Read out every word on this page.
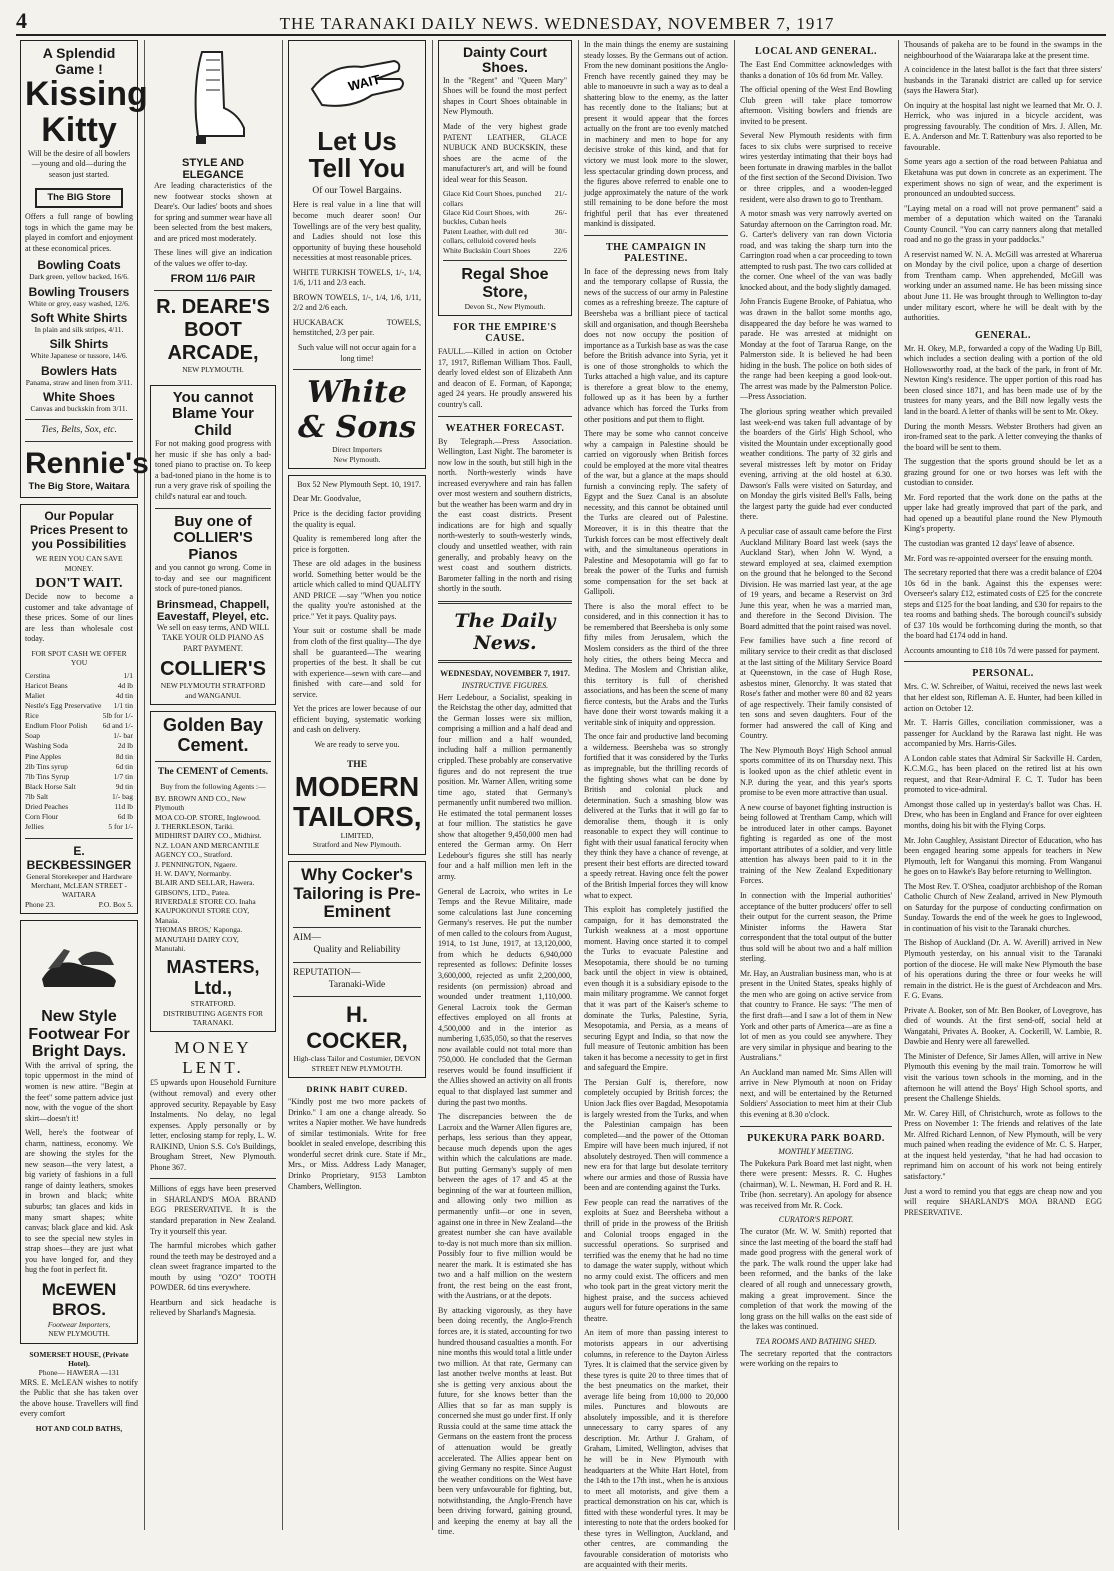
4	THE TARANAKI DAILY NEWS. WEDNESDAY, NOVEMBER 7, 1917
A Splendid Game !
Kissing
Kitty

Will be the desire of all bowlers —young and old—during the season just started.

The BIG Store

Offers a full range of bowling togs in which the game may be played in comfort and enjoyment at these economical prices.

Bowling Coats
Dark green, yellow backed, 16/6.
Bowling Trousers
White or grey, easy washed, 12/6.
Soft White Shirts
In plain and silk stripes, 4/11.
Silk Shirts
White Japanese or tussore, 14/6.
Bowlers Hats
Panama, straw and linen from 3/11.
White Shoes
Canvas and buckskin from 3/11.
Ties, Belts, Sox, etc.
Rennie's
The Big Store, Waitara
Our Popular Prices Present to you Possibilities
WE REIN YOU CAN SAVE MONEY.
DON'T WAIT.

Decide now to become a customer and take advantage of these prices. Some of our lines are less than wholesale cost today.

FOR SPOT CASH WE OFFER YOU
Cerstina	1/1
Haricot Beans	4d lb
Maliet	4d tin
Nestle's Egg Preservative 1/1 tin
Rice	5lb for 1/-
Endlum Floor Polish 6d and 1/-
Soap	1/- bar
Washing Soda	2d lb
Pine Apples	8d tin
2lb Tins syrup	6d tin
7lb Tins Syrup	1/7 tin
Black Horse Salt	9d tin
7lb Salt	1/- bag
Dried Peaches	11d lb
Corn Flour	6d lb
Jellies	5 for 1/-
E. BECKBESSINGER
General Storekeeper and Hardware Merchant, McLEAN STREET - WAITARA
Phone 23.	P.O. Box 5.
New Style Footwear For Bright Days.

With the arrival of spring, the topic uppermost in the mind of women is new attire. "Begin at the feet" some pattern advice just now, with the vogue of the short skirt—doesn't it!

Well, here's the footwear of charm, nattiness, economy. We are showing the styles for the new season—the very latest, a big variety of fashions in a full range of dainty leathers, smokes in brown and black; white suburbs; tan glaces and kids in many smart shapes; white canvas; black glace and kid. Ask to see the special new styles in strap shoes—they are just what you have longed for, and they hug the foot in perfect fit.

McEWEN BROS.
Footwear Importers,
NEW PLYMOUTH.
SOMERSET HOUSE, (Private Hotel).
Phone— HAWERA —131

MRS. E. McLEAN wishes to notify the Public that she has taken over the above house. Travellers will find every comfort

HOT AND COLD BATHS,
STYLE AND ELEGANCE

Are leading characteristics of the new footwear stocks shown at Deare's. Our ladies' boots and shoes for spring and summer wear have all been selected from the best makers, and are priced most moderately.

These lines will give an indication of the values we offer to-day.

FROM 11/6 PAIR
R. DEARE'S
BOOT ARCADE,
NEW PLYMOUTH.
You cannot Blame Your Child

For not making good progress with her music if she has only a bad-toned piano to practise on. To keep a bad-toned piano in the home is to run a very grave risk of spoiling the child's natural ear and touch.

Buy one of COLLIER'S Pianos

and you cannot go wrong. Come in to-day and see our magnificent stock of pure-toned pianos.

Brinsmead, Chappell, Eavestaff, Pleyel, etc.

We sell on easy terms, AND WILL TAKE YOUR OLD PIANO AS PART PAYMENT.

COLLIER'S
NEW PLYMOUTH STRATFORD and WANGANUI.
Golden Bay Cement.
The CEMENT of Cements.
Buy from the following Agents :—
BY. BROWN AND CO., New Plymouth
MOA CO-OP. STORE, Inglewood.
J. THERKLESON, Tariki.
MIDHIRST DAIRY CO., Midhirst.
N.Z. LOAN AND MERCANTILE AGENCY CO., Stratford.
J. PENNINGTON, Ngaere.
H. W. DAVY, Normanby.
BLAIR AND SELLAR, Hawera.
GIBSON'S, LTD., Patea.
RIVERDALE STORE CO. Inaha
KAUPOKONUI STORE COY, Manaia.
THOMAS BROS,' Kaponga.
MANUTAHI DAIRY COY, Manutahi.
MASTERS, Ltd.,
STRATFORD.
DISTRIBUTING AGENTS FOR TARANAKI.
MONEY LENT.

£5 upwards upon Household Furniture (without removal) and every other approved security. Repayable by Easy Instalments. No delay, no legal expenses. Apply personally or by letter, enclosing stamp for reply, L. W. RAIKIND, Union S.S. Co's Buildings, Brougham Street, New Plymouth. Phone 367.

Millions of eggs have been preserved in SHARLAND'S MOA BRAND EGG PRESERVATIVE. It is the standard preparation in New Zealand. Try it yourself this year.

The harmful microbes which gather round the teeth may be destroyed and a clean sweet fragrance imparted to the mouth by using "OZO" TOOTH POWDER. 6d tins everywhere.

Heartburn and sick headache is relieved by Sharland's Magnesia.

WAIT
Let Us Tell You
Of our Towel Bargains.

Here is real value in a line that will become much dearer soon! Our Towellings are of the very best quality, and Ladies should not lose this opportunity of buying these household necessities at most reasonable prices.

WHITE TURKISH TOWELS, 1/-, 1/4, 1/6, 1/11 and 2/3 each.

BROWN TOWELS, 1/-, 1/4, 1/6, 1/11, 2/2 and 2/6 each.

HUCKABACK TOWELS, hemstitched, 2/3 per pair.

Such value will not occur again for a long time!

White & Sons
Direct Importers
New Plymouth.

Box 52 New Plymouth Sept. 10, 1917.

Dear Mr. Goodvalue,

Price is the deciding factor providing the quality is equal.

Quality is remembered long after the price is forgotten.

These are old adages in the business world. Something better would be the article which called to mind QUALITY AND PRICE —say "When you notice the quality you're astonished at the price." Yet it pays. Quality pays.

Your suit or costume shall be made from cloth of the first quality—The dye shall be guaranteed—The wearing properties of the best. It shall be cut with experience—sewn with care—and finished with care—and sold for service.

Yet the prices are lower because of our efficient buying, systematic working and cash on delivery.

We are ready to serve you.

THE
MODERN
TAILORS,
LIMITED,
Stratford and New Plymouth.
Why Cocker's Tailoring is Pre-Eminent
AIM—
Quality and Reliability
REPUTATION—
Taranaki-Wide
H. COCKER,
High-class Tailor and Costumier, DEVON STREET NEW PLYMOUTH.
DRINK HABIT CURED.

"Kindly post me two more packets of Drinko." I am one a change already. So writes a Napier mother. We have hundreds of similar testimonials. Write for free booklet in sealed envelope, describing this wonderful secret drink cure. State if Mr., Mrs., or Miss. Address Lady Manager, Drinko Proprietary, 9153 Lambton Chambers, Wellington.

Dainty Court Shoes.

In the "Regent" and "Queen Mary" Shoes will be found the most perfect shapes in Court Shoes obtainable in New Plymouth.

Made of the very highest grade PATENT LEATHER, GLACE NUBUCK AND BUCKSKIN, these shoes are the acme of the manufacturer's art, and will be found ideal wear for this Season.

Glace Kid Court Shoes, punched collars
21/-
Glace Kid Court Shoes, with buckles, Cuban heels
26/-
Patent Leather, with dull red collars, celluloid covered heels
30/-
White Buckskin Court Shoes	22/6
Regal Shoe Store,
Devon St., New Plymouth.
FOR THE EMPIRE'S CAUSE.

FAULL.—Killed in action on October 17, 1917, Rifleman William Thos. Faull, dearly loved eldest son of Elizabeth Ann and deacon of E. Forman, of Kaponga; aged 24 years. He proudly answered his country's call.

WEATHER FORECAST.

By Telegraph.—Press Association. Wellington, Last Night. The barometer is now low in the south, but still high in the north. North-westerly winds have increased everywhere and rain has fallen over most western and southern districts, but the weather has been warm and dry in the east coast districts. Present indications are for high and squally north-westerly to south-westerly winds, cloudy and unsettled weather, with rain generally, and probably heavy on the west coast and southern districts. Barometer falling in the north and rising shortly in the south.

The Daily News.
WEDNESDAY, NOVEMBER 7, 1917.
INSTRUCTIVE FIGURES.

Herr Ledebour, a Socialist, speaking in the Reichstag the other day, admitted that the German losses were six million, comprising a million and a half dead and four million and a half wounded, including half a million permanently crippled. These probably are conservative figures and do not represent the true position. Mr. Warner Allen, writing some time ago, stated that Germany's permanently unfit numbered two million. He estimated the total permanent losses at four million. The statistics he gave show that altogether 9,450,000 men had entered the German army. On Herr Ledebour's figures she still has nearly four and a half million men left in the army.

General de Lacroix, who writes in Le Temps and the Revue Militaire, made some calculations last June concerning Germany's reserves. He put the number of men called to the colours from August, 1914, to 1st June, 1917, at 13,120,000, from which he deducts 6,940,000 represented as follows: Definite losses 3,600,000, rejected as unfit 2,200,000, residents (on permission) abroad and wounded under treatment 1,110,000. General Lacroix took the German effectives employed on all fronts at 4,500,000 and in the interior as numbering 1,635,050, so that the reserves now available could not total more than 750,000. He concluded that the German reserves would be found insufficient if the Allies showed an activity on all fronts equal to that displayed last summer and during the past two months.

The discrepancies between the de Lacroix and the Warner Allen figures are, perhaps, less serious than they appear, because much depends upon the ages within which the calculations are made. But putting Germany's supply of men between the ages of 17 and 45 at the beginning of the war at fourteen million, and allowing only two million as permanently unfit—or one in seven, against one in three in New Zealand—the greatest number she can have available to-day is not much more than six million. Possibly four to five million would be nearer the mark. It is estimated she has two and a half million on the western front, the rest being on the east front, with the Austrians, or at the depots.

By attacking vigorously, as they have been doing recently, the Anglo-French forces are, it is stated, accounting for two hundred thousand casualties a month. For nine months this would total a little under two million. At that rate, Germany can last another twelve months at least. But she is getting very anxious about the future, for she knows better than the Allies that so far as man supply is concerned she must go under first. If only Russia could at the same time attack the Germans on the eastern front the process of attenuation would be greatly accelerated. The Allies appear bent on giving Germany no respite. Since August the weather conditions on the West have been very unfavourable for fighting, but, notwithstanding, the Anglo-French have been driving forward, gaining ground, and keeping the enemy at bay all the time.

In the main things the enemy are sustaining steady losses. By the Germans out of action. From the new dominant positions the Anglo-French have recently gained they may be able to manoeuvre in such a way as to deal a shattering blow to the enemy, as the latter has recently done to the Italians; but at present it would appear that the forces actually on the front are too evenly matched in machinery and men to hope for any decisive stroke of this kind, and that for victory we must look more to the slower, less spectacular grinding down process, and the figures above referred to enable one to judge approximately the nature of the work still remaining to be done before the most frightful peril that has ever threatened mankind is dissipated.

THE CAMPAIGN IN PALESTINE.

In face of the depressing news from Italy and the temporary collapse of Russia, the news of the success of our army in Palestine comes as a refreshing breeze. The capture of Beersheba was a brilliant piece of tactical skill and organisation, and though Beersheba does not now occupy the position of importance as a Turkish base as was the case before the British advance into Syria, yet it is one of those strongholds to which the Turks attached a high value, and its capture is therefore a great blow to the enemy, followed up as it has been by a further advance which has forced the Turks from other positions and put them to flight.

There may be some who cannot conceive why a campaign in Palestine should be carried on vigorously when British forces could be employed at the more vital theatres of the war, but a glance at the maps should furnish a convincing reply. The safety of Egypt and the Suez Canal is an absolute necessity, and this cannot be obtained until the Turks are cleared out of Palestine. Moreover, it is in this theatre that the Turkish forces can be most effectively dealt with, and the simultaneous operations in Palestine and Mesopotamia will go far to break the power of the Turks and furnish some compensation for the set back at Gallipoli.

There is also the moral effect to be considered, and in this connection it has to be remembered that Beersheba is only some fifty miles from Jerusalem, which the Moslem considers as the third of the three holy cities, the others being Mecca and Medina. The Moslem and Christian alike, this territory is full of cherished associations, and has been the scene of many fierce contests, but the Arabs and the Turks have done their worst towards making it a veritable sink of iniquity and oppression.

The once fair and productive land becoming a wilderness. Beersheba was so strongly fortified that it was considered by the Turks as impregnable, but the thrilling records of the fighting shows what can be done by British and colonial pluck and determination. Such a smashing blow was delivered at the Turks that it will go far to demoralise them, though it is only reasonable to expect they will continue to fight with their usual fanatical ferocity when they think they have a chance of revenge, at present their best efforts are directed toward a speedy retreat. Having once felt the power of the British Imperial forces they will know what to expect.

This exploit has completely justified the campaign, for it has demonstrated the Turkish weakness at a most opportune moment. Having once started it to compel the Turks to evacuate Palestine and Mesopotamia, there should be no turning back until the object in view is obtained, even though it is a subsidiary episode to the main military programme. We cannot forget that it was part of the Kaiser's scheme to dominate the Turks, Palestine, Syria, Mesopotamia, and Persia, as a means of securing Egypt and India, so that now the full measure of Teutonic ambition has been taken it has become a necessity to get in first and safeguard the Empire.

The Persian Gulf is, therefore, now completely occupied by British forces; the Union Jack flies over Bagdad, Mesopotamia is largely wrested from the Turks, and when the Palestinian campaign has been completed—and the power of the Ottoman Empire will have been much injured, if not absolutely destroyed. Then will commence a new era for that large but desolate territory where our armies and those of Russia have been and are contending against the Turks.

Few people can read the narratives of the exploits at Suez and Beersheba without a thrill of pride in the prowess of the British and Colonial troops engaged in the successful operations. So surprised and terrified was the enemy that he had no time to damage the water supply, without which no army could exist. The officers and men who took part in the great victory merit the highest praise, and the success achieved augurs well for future operations in the same theatre.

An item of more than passing interest to motorists appears in our advertising columns, in reference to the Dayton Airless Tyres. It is claimed that the service given by these tyres is quite 20 to three times that of the best pneumatics on the market, their average life being from 10,000 to 20,000 miles. Punctures and blowouts are absolutely impossible, and it is therefore unnecessary to carry spares of any description. Mr. Arthur J. Graham, of Graham, Limited, Wellington, advises that he will be in New Plymouth with headquarters at the White Hart Hotel, from the 14th to the 17th inst., when he is anxious to meet all motorists, and give them a practical demonstration on his car, which is fitted with these wonderful tyres. It may be interesting to note that the orders booked for these tyres in Wellington, Auckland, and other centres, are commanding the favourable consideration of motorists who are acquainted with their merits.

LOCAL AND GENERAL.

The East End Committee acknowledges with thanks a donation of 10s 6d from Mr. Valley.

The official opening of the West End Bowling Club green will take place tomorrow afternoon. Visiting bowlers and friends are invited to be present.

Several New Plymouth residents with firm faces to six clubs were surprised to receive wires yesterday intimating that their boys had been fortunate in drawing marbles in the ballot of the first section of the Second Division. Two or three cripples, and a wooden-legged resident, were also drawn to go to Trentham.

A motor smash was very narrowly averted on Saturday afternoon on the Carrington road. Mr. G. Carter's delivery van ran down Victoria road, and was taking the sharp turn into the Carrington road when a car proceeding to town attempted to rush past. The two cars collided at the corner. One wheel of the van was badly knocked about, and the body slightly damaged.

John Francis Eugene Brooke, of Pahiatua, who was drawn in the ballot some months ago, disappeared the day before he was warned to parade. He was arrested at midnight on Monday at the foot of Tararua Range, on the Palmerston side. It is believed he had been hiding in the bush. The police on both sides of the range had been keeping a good look-out. The arrest was made by the Palmerston Police.—Press Association.

The glorious spring weather which prevailed last week-end was taken full advantage of by the boarders of the Girls' High School, who visited the Mountain under exceptionally good weather conditions. The party of 32 girls and several mistresses left by motor on Friday evening, arriving at the old hostel at 6.30. Dawson's Falls were visited on Saturday, and on Monday the girls visited Bell's Falls, being the largest party the guide had ever conducted there.

A peculiar case of assault came before the First Auckland Military Board last week (says the Auckland Star), when John W. Wynd, a steward employed at sea, claimed exemption on the ground that he belonged to the Second Division. He was married last year, at the age of 19 years, and became a Reservist on 3rd June this year, when he was a married man, and therefore in the Second Division. The Board admitted that the point raised was novel.

Few families have such a fine record of military service to their credit as that disclosed at the last sitting of the Military Service Board at Queenstown, in the case of Hugh Rose, asbestos miner, Glenorchy. It was stated that Rose's father and mother were 80 and 82 years of age respectively. Their family consisted of ten sons and seven daughters. Four of the former had answered the call of King and Country.

The New Plymouth Boys' High School annual sports committee of its on Thursday next. This is looked upon as the chief athletic event in N.P. during the year, and this year's sports promise to be even more attractive than usual.

A new course of bayonet fighting instruction is being followed at Trentham Camp, which will be introduced later in other camps. Bayonet fighting is regarded as one of the most important attributes of a soldier, and very little attention has always been paid to it in the training of the New Zealand Expeditionary Forces.

In connection with the Imperial authorities' acceptance of the butter producers' offer to sell their output for the current season, the Prime Minister informs the Hawera Star correspondent that the total output of the butter thus sold will be about two and a half million sterling.

Mr. Hay, an Australian business man, who is at present in the United States, speaks highly of the men who are going on active service from that country to France. He says: "The men of the first draft—and I saw a lot of them in New York and other parts of America—are as fine a lot of men as you could see anywhere. They are very similar in physique and bearing to the Australians."

An Auckland man named Mr. Sims Allen will arrive in New Plymouth at noon on Friday next, and will be entertained by the Returned Soldiers' Association to meet him at their Club this evening at 8.30 o'clock.

PUKEKURA PARK BOARD.
MONTHLY MEETING.

The Pukekura Park Board met last night, when there were present: Messrs. R. C. Hughes (chairman), W. L. Newman, H. Ford and R. H. Tribe (hon. secretary). An apology for absence was received from Mr. R. Cock.

CURATOR'S REPORT.

The curator (Mr. W. W. Smith) reported that since the last meeting of the board the staff had made good progress with the general work of the park. The walk round the upper lake had been reformed, and the banks of the lake cleared of all rough and unnecessary growth, making a great improvement. Since the completion of that work the mowing of the long grass on the hill walks on the east side of the lakes was continued.

TEA ROOMS AND BATHING SHED.

The secretary reported that the contractors were working on the repairs to

Thousands of pakeha are to be found in the swamps in the neighbourhood of the Waiararapa lake at the present time.

A coincidence in the latest ballot is the fact that three sisters' husbands in the Taranaki district are called up for service (says the Hawera Star).

On inquiry at the hospital last night we learned that Mr. O. J. Herrick, who was injured in a bicycle accident, was progressing favourably. The condition of Mrs. J. Allen, Mr. E. A. Anderson and Mr. T. Rattenbury was also reported to be favourable.

Some years ago a section of the road between Pahiatua and Eketahuna was put down in concrete as an experiment. The experiment shows no sign of wear, and the experiment is pronounced an undoubted success.

"Laying metal on a road will not prove permanent" said a member of a deputation which waited on the Taranaki County Council. "You can carry nanners along that metalled road and no go the grass in your paddocks."

A reservist named W. N. A. McGill was arrested at Wharerua on Monday by the civil police, upon a charge of desertion from Trentham camp. When apprehended, McGill was working under an assumed name. He has been missing since about June 11. He was brought through to Wellington to-day under military escort, where he will be dealt with by the authorities.

GENERAL.

Mr. H. Okey, M.P., forwarded a copy of the Wading Up Bill, which includes a section dealing with a portion of the old Hollowsworthy road, at the back of the park, in front of Mr. Newton King's residence. The upper portion of this road has been closed since 1871, and has been made use of by the trustees for many years, and the Bill now legally vests the land in the board. A letter of thanks will be sent to Mr. Okey.

During the month Messrs. Webster Brothers had given an iron-framed seat to the park. A letter conveying the thanks of the board will be sent to them.

The suggestion that the sports ground should be let as a grazing ground for one or two horses was left with the custodian to consider.

Mr. Ford reported that the work done on the paths at the upper lake had greatly improved that part of the park, and had opened up a beautiful plane round the New Plymouth King's property.

The custodian was granted 12 days' leave of absence.

Mr. Ford was re-appointed overseer for the ensuing month.

The secretary reported that there was a credit balance of £204 10s 6d in the bank. Against this the expenses were: Overseer's salary £12, estimated costs of £25 for the concrete steps and £125 for the boat landing, and £30 for repairs to the tea rooms and bathing sheds. The borough council's subsidy of £37 10s would be forthcoming during the month, so that the board had £174 odd in hand.

Accounts amounting to £18 10s 7d were passed for payment.

PERSONAL.

Mrs. C. W. Schreiber, of Waitui, received the news last week that her eldest son, Rifleman A. E. Hunter, had been killed in action on October 12.

Mr. T. Harris Gilles, conciliation commissioner, was a passenger for Auckland by the Rarawa last night. He was accompanied by Mrs. Harris-Giles.

A London cable states that Admiral Sir Sackville H. Carden, K.C.M.G., has been placed on the retired list at his own request, and that Rear-Admiral F. C. T. Tudor has been promoted to vice-admiral.

Amongst those called up in yesterday's ballot was Chas. H. Drew, who has been in England and France for over eighteen months, doing his bit with the Flying Corps.

Mr. John Caughley, Assistant Director of Education, who has been engaged hearing some appeals for teachers in New Plymouth, left for Wanganui this morning. From Wanganui he goes on to Hawke's Bay before returning to Wellington.

The Most Rev. T. O'Shea, coadjutor archbishop of the Roman Catholic Church of New Zealand, arrived in New Plymouth on Saturday for the purpose of conducting confirmation on Sunday. Towards the end of the week he goes to Inglewood, in continuation of his visit to the Taranaki churches.

The Bishop of Auckland (Dr. A. W. Averill) arrived in New Plymouth yesterday, on his annual visit to the Taranaki portion of the diocese. He will make New Plymouth the base of his operations during the three or four weeks he will remain in the district. He is the guest of Archdeacon and Mrs. F. G. Evans.

Private A. Booker, son of Mr. Ben Booker, of Lovegrove, has died of wounds. At the first send-off, social held at Wangatahi, Privates A. Booker, A. Cockerill, W. Lambie, R. Dawbie and Henry were all farewelled.

The Minister of Defence, Sir James Allen, will arrive in New Plymouth this evening by the mail train. Tomorrow he will visit the various town schools in the morning, and in the afternoon he will attend the Boys' High School sports, and present the Challenge Shields.

Mr. W. Carey Hill, of Christchurch, wrote as follows to the Press on November 1: The friends and relatives of the late Mr. Alfred Richard Lennon, of New Plymouth, will be very much pained when reading the evidence of Mr. C. S. Harper, at the inquest held yesterday, "that he had had occasion to reprimand him on account of his work not being entirely satisfactory."

Just a word to remind you that eggs are cheap now and you will require SHARLAND'S MOA BRAND EGG PRESERVATIVE.
